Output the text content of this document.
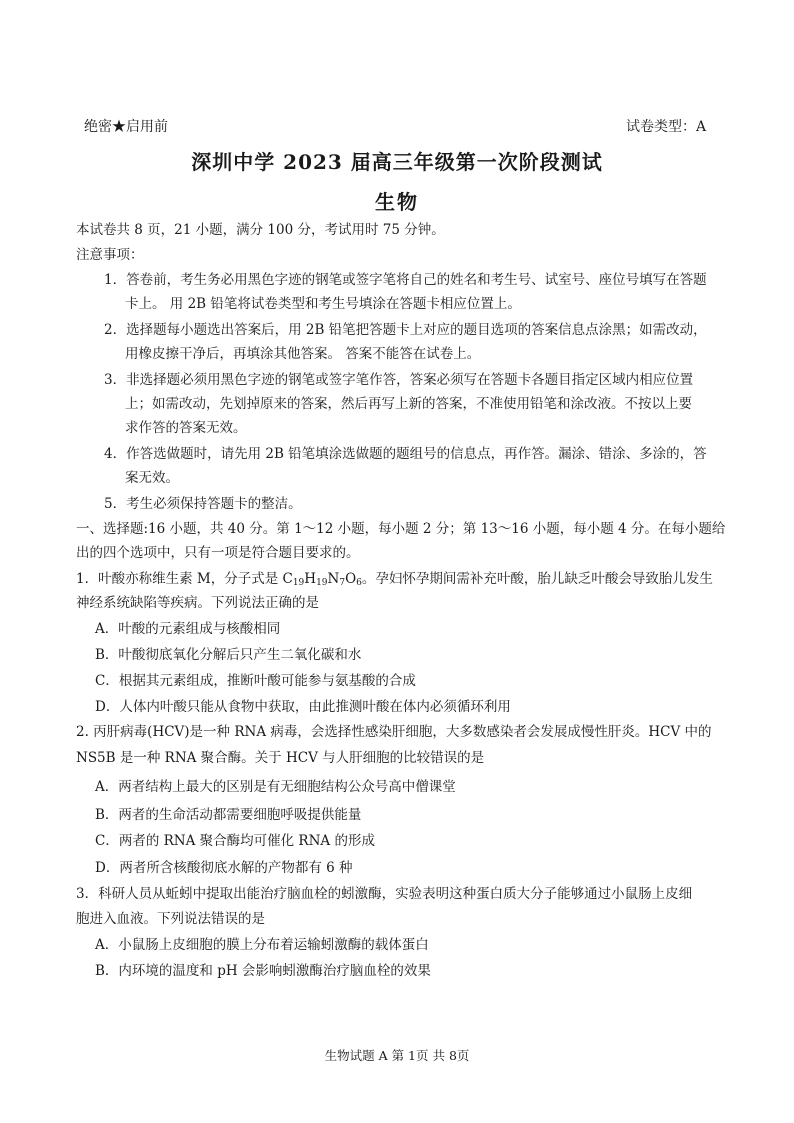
绝密★启用前	试卷类型：A
深圳中学 2023 届高三年级第一次阶段测试
生物
本试卷共 8 页，21 小题，满分 100 分，考试用时 75 分钟。
注意事项：
1．答卷前，考生务必用黑色字迹的钢笔或签字笔将自己的姓名和考生号、试室号、座位号填写在答题
卡上。 用 2B 铅笔将试卷类型和考生号填涂在答题卡相应位置上。
2．选择题每小题选出答案后，用 2B 铅笔把答题卡上对应的题目选项的答案信息点涂黑；如需改动，
用橡皮擦干净后，再填涂其他答案。 答案不能答在试卷上。
3．非选择题必须用黑色字迹的钢笔或签字笔作答，答案必须写在答题卡各题目指定区域内相应位置
上；如需改动，先划掉原来的答案，然后再写上新的答案，不准使用铅笔和涂改液。不按以上要
求作答的答案无效。
4．作答选做题时，请先用 2B 铅笔填涂选做题的题组号的信息点，再作答。漏涂、错涂、多涂的，答
案无效。
5．考生必须保持答题卡的整洁。
一、选择题:16 小题，共 40 分。第 1～12 小题，每小题 2 分；第 13～16 小题，每小题 4 分。在每小题给
出的四个选项中，只有一项是符合题目要求的。
1．叶酸亦称维生素 M，分子式是 $C_{19}H_{19}N_7O_6$。孕妇怀孕期间需补充叶酸，胎儿缺乏叶酸会导致胎儿发生
神经系统缺陷等疾病。下列说法正确的是
A．叶酸的元素组成与核酸相同
B．叶酸彻底氧化分解后只产生二氧化碳和水
C．根据其元素组成，推断叶酸可能参与氨基酸的合成
D．人体内叶酸只能从食物中获取，由此推测叶酸在体内必须循环利用
2. 丙肝病毒(HCV)是一种 RNA 病毒，会选择性感染肝细胞，大多数感染者会发展成慢性肝炎。HCV 中的
NS5B 是一种 RNA 聚合酶。关于 HCV 与人肝细胞的比较错误的是
A．两者结构上最大的区别是有无细胞结构公众号高中僧课堂
B．两者的生命活动都需要细胞呼吸提供能量
C．两者的 RNA 聚合酶均可催化 RNA 的形成
D．两者所含核酸彻底水解的产物都有 6 种
3．科研人员从蚯蚓中提取出能治疗脑血栓的蚓激酶，实验表明这种蛋白质大分子能够通过小鼠肠上皮细
胞进入血液。下列说法错误的是
A．小鼠肠上皮细胞的膜上分布着运输蚓激酶的载体蛋白
B．内环境的温度和 pH 会影响蚓激酶治疗脑血栓的效果
生物试题 A 第 1页 共 8页
